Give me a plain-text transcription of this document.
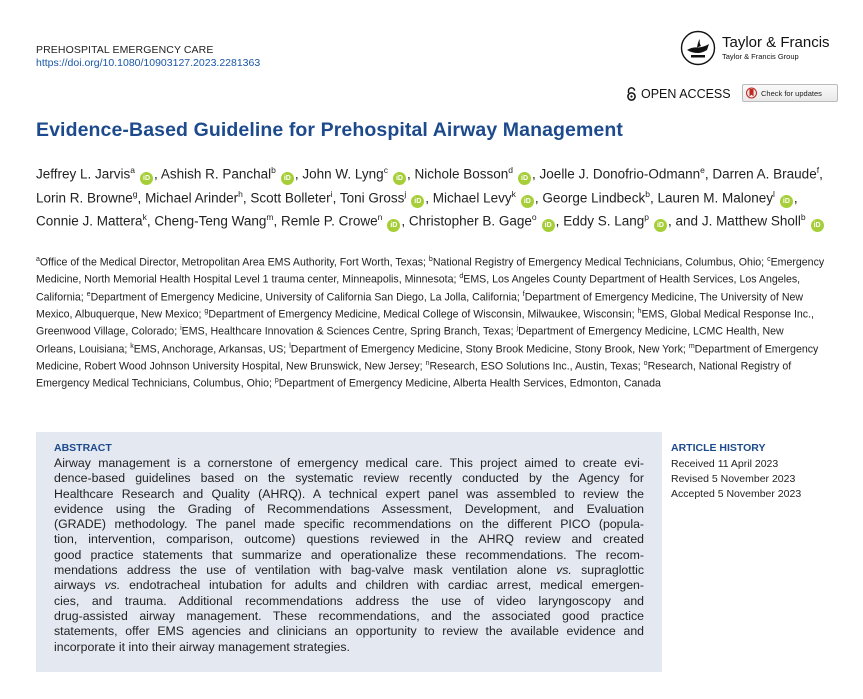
PREHOSPITAL EMERGENCY CARE
https://doi.org/10.1080/10903127.2023.2281363
Taylor & Francis
Taylor & Francis Group
OPEN ACCESS	Check for updates
Evidence-Based Guideline for Prehospital Airway Management
Jeffrey L. Jarvis$^a$iD , Ashish R. Panchal$^b$iD , John W. Lyng$^c$iD , Nichole Bosson$^d$iD , Joelle J. Donofrio-Odmann$^e$, Darren A. Braude$^f$, Lorin R. Browne$^g$, Michael Arinder$^h$, Scott Bolleter$^i$, Toni Gross$^j$iD , Michael Levy$^k$iD , George Lindbeck$^b$, Lauren M. Maloney$^l$iD , Connie J. Mattera$^k$, Cheng-Teng Wang$^m$, Remle P. Crowe$^n$iD , Christopher B. Gage$^o$iD , Eddy S. Lang$^p$iD , and J. Matthew Sholl$^b$iD
$^a$Office of the Medical Director, Metropolitan Area EMS Authority, Fort Worth, Texas; $^b$National Registry of Emergency Medical Technicians, Columbus, Ohio; $^c$Emergency Medicine, North Memorial Health Hospital Level 1 trauma center, Minneapolis, Minnesota; $^d$EMS, Los Angeles County Department of Health Services, Los Angeles, California; $^e$Department of Emergency Medicine, University of California San Diego, La Jolla, California; $^f$Department of Emergency Medicine, The University of New Mexico, Albuquerque, New Mexico; $^g$Department of Emergency Medicine, Medical College of Wisconsin, Milwaukee, Wisconsin; $^h$EMS, Global Medical Response Inc., Greenwood Village, Colorado; $^i$EMS, Healthcare Innovation & Sciences Centre, Spring Branch, Texas; $^j$Department of Emergency Medicine, LCMC Health, New Orleans, Louisiana; $^k$EMS, Anchorage, Arkansas, US; $^l$Department of Emergency Medicine, Stony Brook Medicine, Stony Brook, New York; $^m$Department of Emergency Medicine, Robert Wood Johnson University Hospital, New Brunswick, New Jersey; $^n$Research, ESO Solutions Inc., Austin, Texas; $^o$Research, National Registry of Emergency Medical Technicians, Columbus, Ohio; $^p$Department of Emergency Medicine, Alberta Health Services, Edmonton, Canada
ABSTRACT
Airway management is a cornerstone of emergency medical care. This project aimed to create evi-
dence-based guidelines based on the systematic review recently conducted by the Agency for
Healthcare Research and Quality (AHRQ). A technical expert panel was assembled to review the
evidence using the Grading of Recommendations Assessment, Development, and Evaluation
(GRADE) methodology. The panel made specific recommendations on the different PICO (popula-
tion, intervention, comparison, outcome) questions reviewed in the AHRQ review and created
good practice statements that summarize and operationalize these recommendations. The recom-
mendations address the use of ventilation with bag-valve mask ventilation alone vs. supraglottic
airways vs. endotracheal intubation for adults and children with cardiac arrest, medical emergen-
cies, and trauma. Additional recommendations address the use of video laryngoscopy and
drug-assisted airway management. These recommendations, and the associated good practice
statements, offer EMS agencies and clinicians an opportunity to review the available evidence and
incorporate it into their airway management strategies.
ARTICLE HISTORY
Received 11 April 2023
Revised 5 November 2023
Accepted 5 November 2023
